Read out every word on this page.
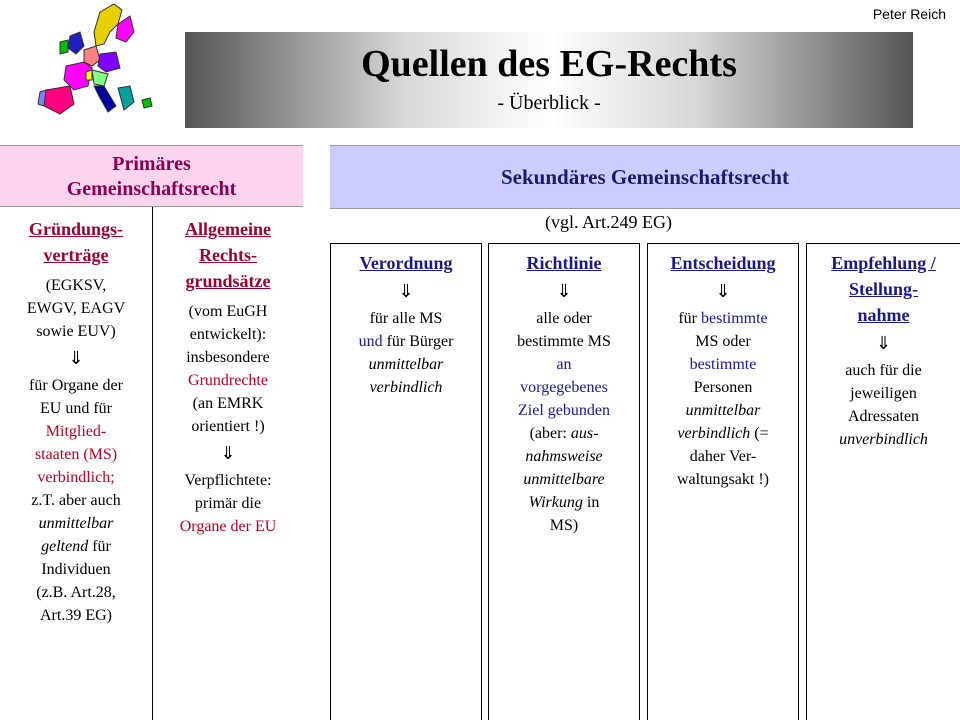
Peter Reich
Quellen des EG-Rechts
- Überblick -
Primäres
Gemeinschaftsrecht	Sekundäres Gemeinschaftsrecht
Gründungs-
verträge
(EGKSV,
EWGV, EAGV
sowie EUV)
⇓
für Organe der
EU und für
Mitglied-
staaten (MS)
verbindlich;
z.T. aber auch
unmittelbar
geltend für
Individuen
(z.B. Art.28,
Art.39 EG)
Allgemeine
Rechts-
grundsätze
(vom EuGH
entwickelt):
insbesondere
Grundrechte
(an EMRK
orientiert !)
⇓
Verpflichtete:
primär die
Organe der EU
(vgl. Art.249 EG)
Verordnung
⇓
für alle MS
und für Bürger
unmittelbar
verbindlich
Richtlinie
⇓
alle oder
bestimmte MS
an
vorgegebenes
Ziel gebunden
(aber: aus-
nahmsweise
unmittelbare
Wirkung in
MS)
Entscheidung
⇓
für bestimmte
MS oder
bestimmte
Personen
unmittelbar
verbindlich (=
daher Ver-
waltungsakt !)
Empfehlung /
Stellung-
nahme
⇓
auch für die
jeweiligen
Adressaten
unverbindlich
